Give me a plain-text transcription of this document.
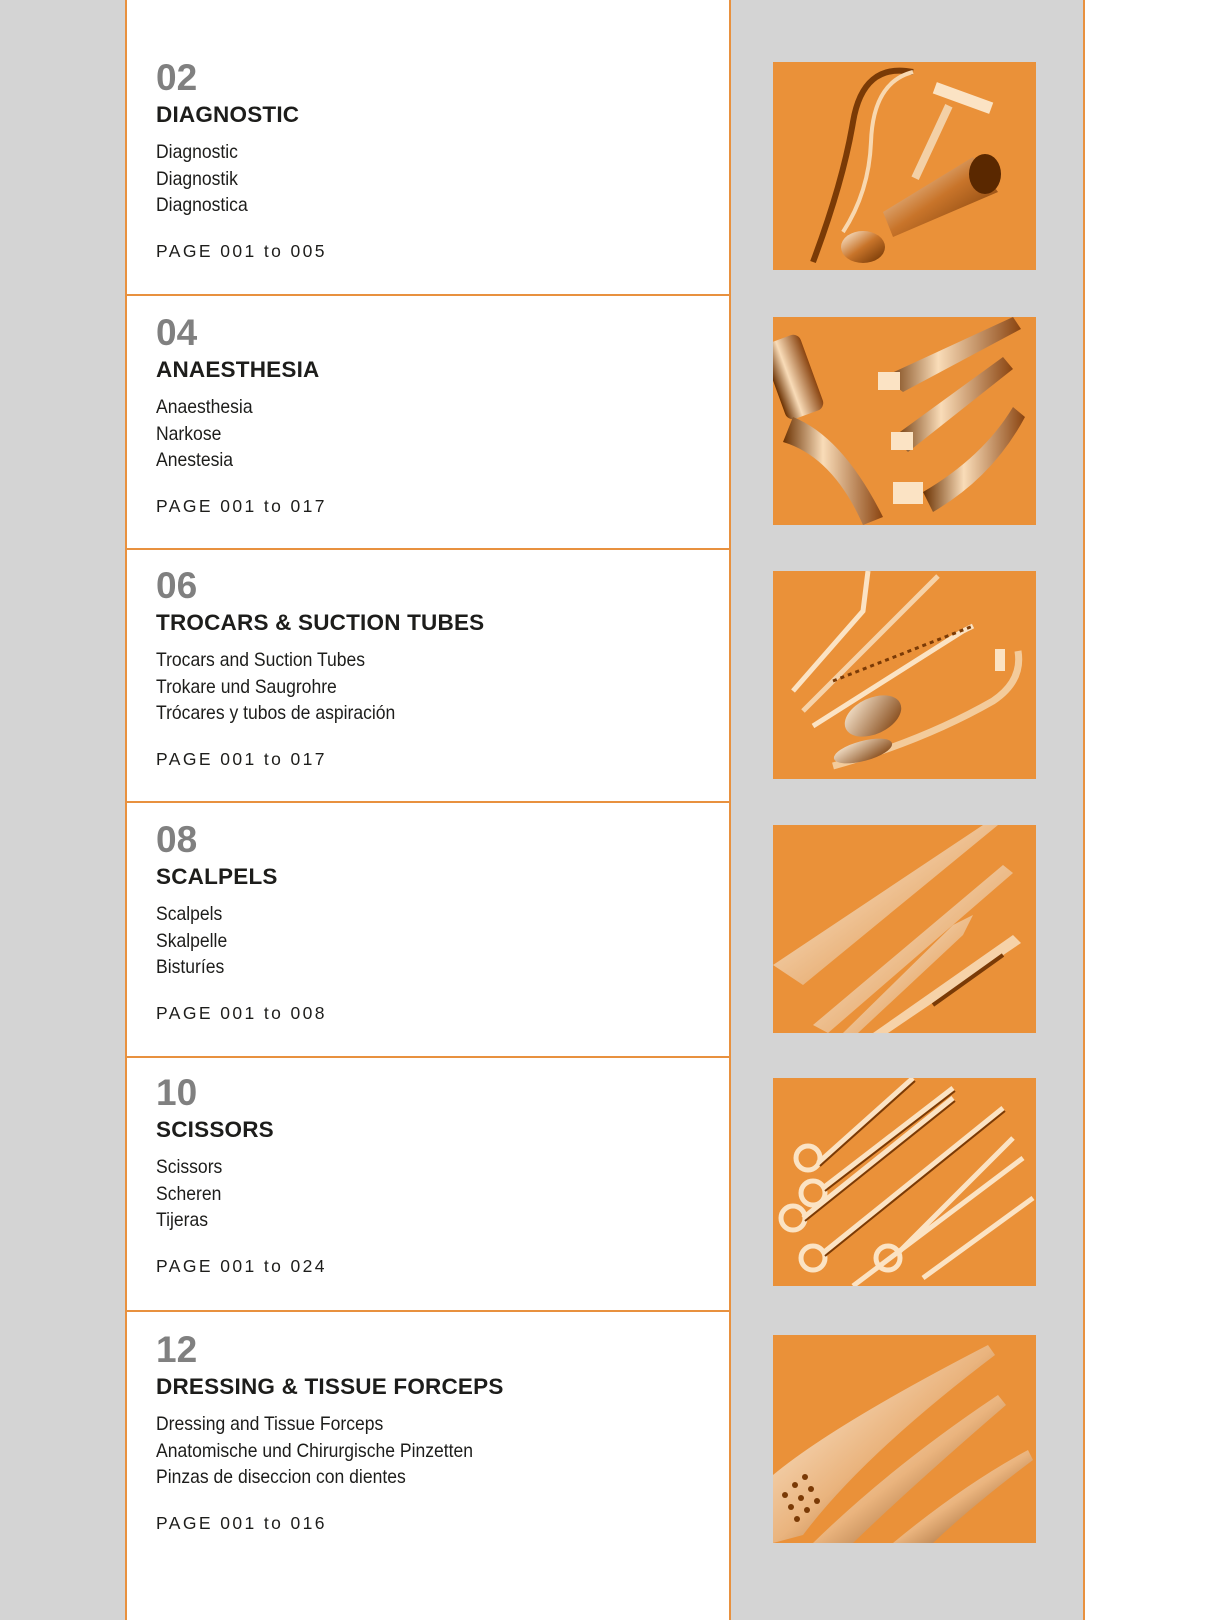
02
DIAGNOSTIC
Diagnostic
Diagnostik
Diagnostica
PAGE 001 to 005
04
ANAESTHESIA
Anaesthesia
Narkose
Anestesia
PAGE 001 to 017
06
TROCARS & SUCTION TUBES
Trocars and Suction Tubes
Trokare und Saugrohre
Trócares y tubos de aspiración
PAGE 001 to 017
08
SCALPELS
Scalpels
Skalpelle
Bisturíes
PAGE 001 to 008
10
SCISSORS
Scissors
Scheren
Tijeras
PAGE 001 to 024
12
DRESSING & TISSUE FORCEPS
Dressing and Tissue Forceps
Anatomische und Chirurgische Pinzetten
Pinzas de diseccion con dientes
PAGE 001 to 016
